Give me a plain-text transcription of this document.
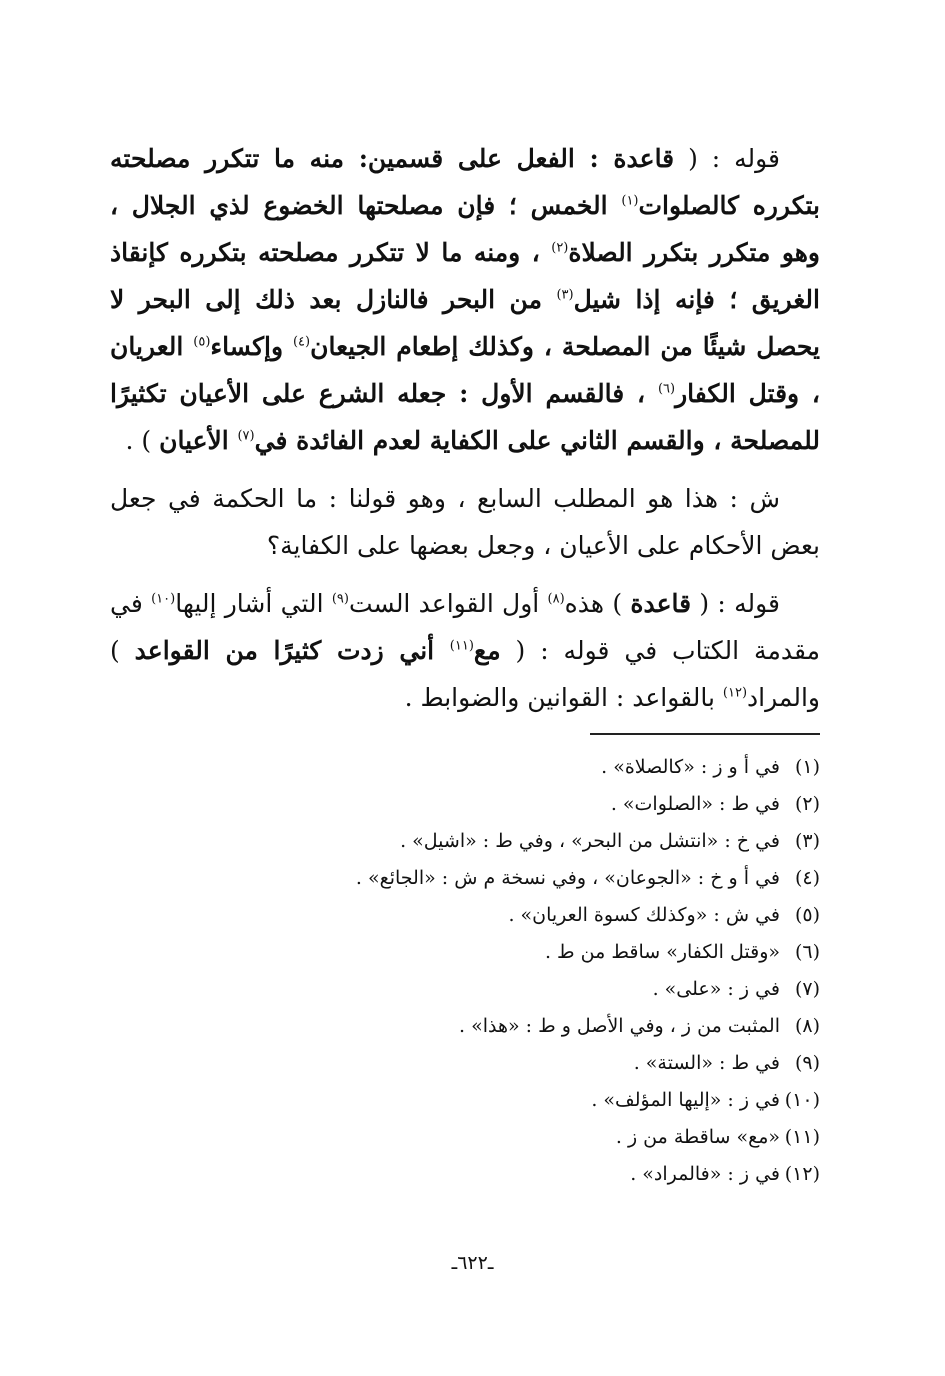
قوله : ( قاعدة : الفعل على قسمين: منه ما تتكرر مصلحته بتكرره كالصلوات$^{(١)}$ الخمس ؛ فإن مصلحتها الخضوع لذي الجلال ، وهو متكرر بتكرر الصلاة$^{(٢)}$ ، ومنه ما لا تتكرر مصلحته بتكرره كإنقاذ الغريق ؛ فإنه إذا شيل$^{(٣)}$ من البحر فالنازل بعد ذلك إلى البحر لا يحصل شيئًا من المصلحة ، وكذلك إطعام الجيعان$^{(٤)}$ وإكساء$^{(٥)}$ العريان ، وقتل الكفار$^{(٦)}$ ، فالقسم الأول : جعله الشرع على الأعيان تكثيرًا للمصلحة ، والقسم الثاني على الكفاية لعدم الفائدة في$^{(٧)}$ الأعيان ) .

ش : هذا هو المطلب السابع ، وهو قولنا : ما الحكمة في جعل بعض الأحكام على الأعيان ، وجعل بعضها على الكفاية؟

قوله : ( قاعدة ) هذه$^{(٨)}$ أول القواعد الست$^{(٩)}$ التي أشار إليها$^{(١٠)}$ في مقدمة الكتاب في قوله : ( مع$^{(١١)}$ أني زدت كثيرًا من القواعد ) والمراد$^{(١٢)}$ بالقواعد : القوانين والضوابط .

(١)في أ و ز : «كالصلاة» .
(٢)في ط : «الصلوات» .
(٣)في خ : «انتشل من البحر» ، وفي ط : «اشيل» .
(٤)في أ و خ : «الجوعان» ، وفي نسخة م ش : «الجائع» .
(٥)في ش : «وكذلك كسوة العريان» .
(٦)«وقتل الكفار» ساقط من ط .
(٧)في ز : «على» .
(٨)المثبت من ز ، وفي الأصل و ط : «هذا» .
(٩)في ط : «الستة» .
(١٠)في ز : «إليها المؤلف» .
(١١)«مع» ساقطة من ز .
(١٢)في ز : «فالمراد» .
ـ٦٢٢ـ
